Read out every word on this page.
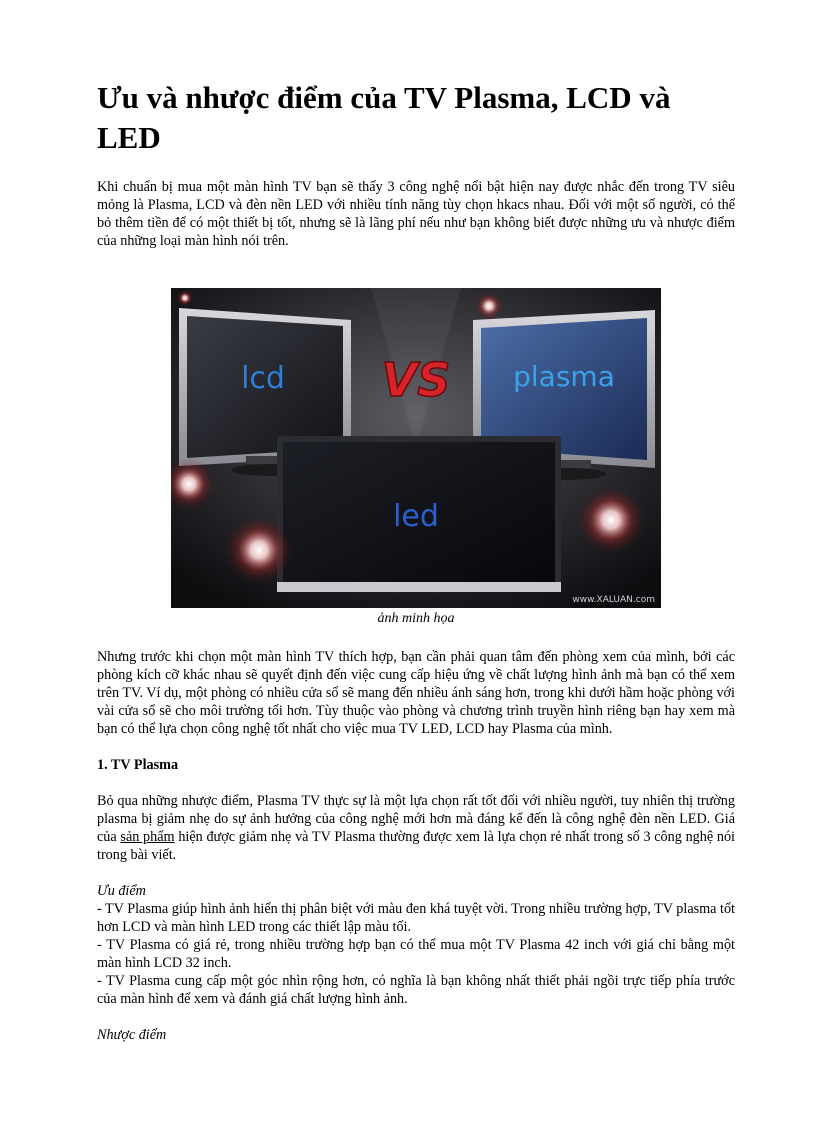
Ưu và nhược điểm của TV Plasma, LCD và LED

Khi chuẩn bị mua một màn hình TV bạn sẽ thấy 3 công nghệ nổi bật hiện nay được nhắc đến trong TV siêu mỏng là Plasma, LCD và đèn nền LED với nhiều tính năng tùy chọn hkacs nhau. Đối với một số người, có thể bỏ thêm tiền để có một thiết bị tốt, nhưng sẽ là lãng phí nếu như bạn không biết được những ưu và nhược điểm của những loại màn hình nói trên.

lcd	plasma
VS
led
www.XALUAN.com
ảnh minh họa

Nhưng trước khi chọn một màn hình TV thích hợp, bạn cần phải quan tâm đến phòng xem của mình, bởi các phòng kích cỡ khác nhau sẽ quyết định đến việc cung cấp hiệu ứng về chất lượng hình ảnh mà bạn có thể xem trên TV. Ví dụ, một phòng có nhiều cửa sổ sẽ mang đến nhiều ánh sáng hơn, trong khi dưới hầm hoặc phòng với vài cửa sổ sẽ cho môi trường tối hơn. Tùy thuộc vào phòng và chương trình truyền hình riêng bạn hay xem mà bạn có thể lựa chọn công nghệ tốt nhất cho việc mua TV LED, LCD hay Plasma của mình.

1. TV Plasma

Bỏ qua những nhược điểm, Plasma TV thực sự là một lựa chọn rất tốt đối với nhiều người, tuy nhiên thị trường plasma bị giảm nhẹ do sự ảnh hưởng của công nghệ mới hơn mà đáng kể đến là công nghệ đèn nền LED. Giá của sản phẩm hiện được giảm nhẹ và TV Plasma thường được xem là lựa chọn rẻ nhất trong số 3 công nghệ nói trong bài viết.

Ưu điểm

- TV Plasma giúp hình ảnh hiển thị phân biệt với màu đen khá tuyệt vời. Trong nhiều trường hợp, TV plasma tốt hơn LCD và màn hình LED trong các thiết lập màu tối.

- TV Plasma có giá rẻ, trong nhiều trường hợp bạn có thể mua một TV Plasma 42 inch với giá chỉ bằng một màn hình LCD 32 inch.

- TV Plasma cung cấp một góc nhìn rộng hơn, có nghĩa là bạn không nhất thiết phải ngồi trực tiếp phía trước của màn hình để xem và đánh giá chất lượng hình ảnh.

Nhược điểm
